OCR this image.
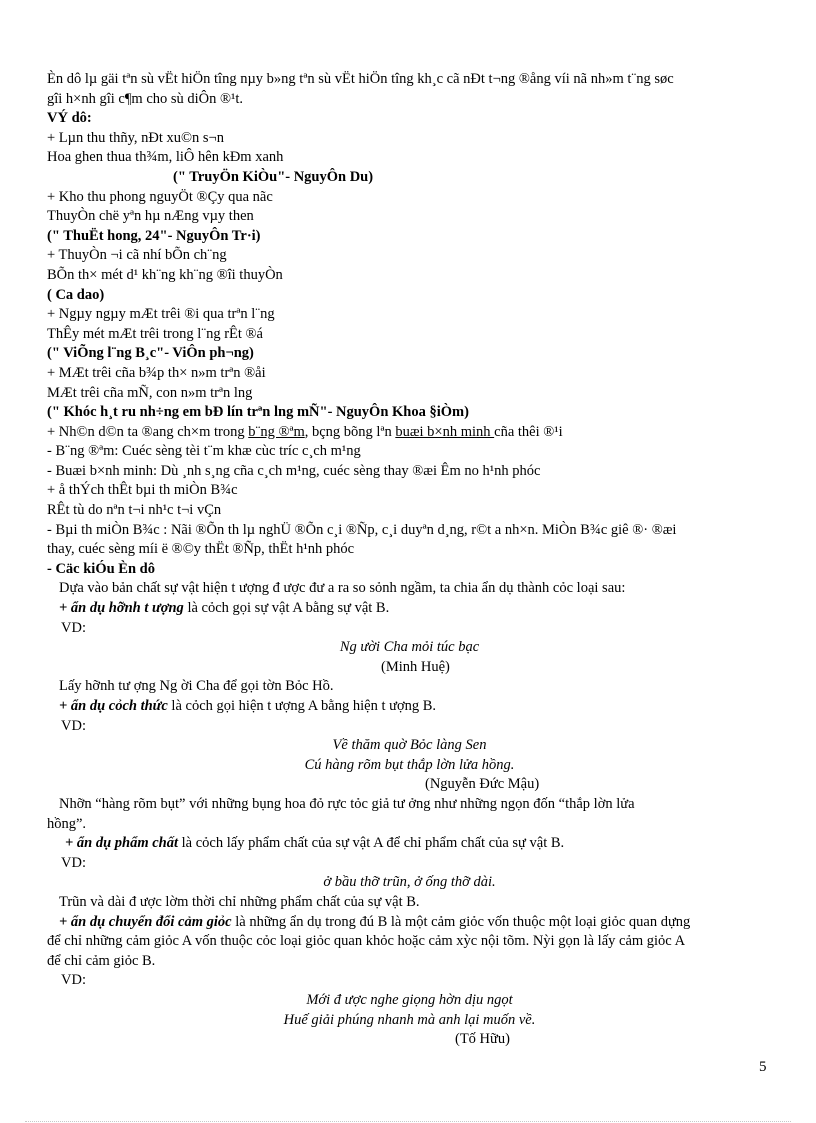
Èn dô lµ gäi tªn sù vËt hiÖn tîng nµy b»ng tªn sù vËt hiÖn tîng kh¸c cã nÐt t¬ng ®ång víi nã nh»m t¨ng søc
gîi h×nh gîi c¶m cho sù diÔn ®¹t.
VÝ dô:
+ Lµn thu thñy, nÐt xu©n s¬n
Hoa ghen thua th¾m, liÔ hên kÐm xanh
(" TruyÖn KiÒu"- NguyÔn Du)
+ Kho thu phong nguyÖt ®Çy qua nãc
ThuyÒn chë yªn hµ nÆng vµy then
(" ThuËt hong, 24"- NguyÔn Tr·i)
+ ThuyÒn ¬i cã nhí bÕn ch¨ng
BÕn th× mét d¹ kh¨ng kh¨ng ®îi thuyÒn
( Ca dao)
+ Ngµy ngµy mÆt trêi ®i qua trªn l¨ng
ThÊy mét mÆt trêi trong l¨ng rÊt ®á
(" ViÕng l¨ng B¸c"- ViÔn ph¬ng)
+ MÆt trêi cña b¾p th× n»m trªn ®åi
MÆt trêi cña mÑ, con n»m trªn lng
(" Khóc h¸t ru nh÷ng em bÐ lín trªn lng mÑ"- NguyÔn Khoa §iÒm)
+ Nh©n d©n ta ®ang ch×m trong b¨ng ®ªm, bçng bõng lªn buæi b×nh minh cña thêi ®¹i
- B¨ng ®ªm: Cuéc sèng tèi t¨m khæ cùc tríc c¸ch m¹ng
- Buæi b×nh minh: Dù ¸nh s¸ng cña c¸ch m¹ng, cuéc sèng thay ®æi Êm no h¹nh phóc
+ å thÝch thÊt bµi th miÒn B¾c
RÊt tù do nªn t¬i nh¹c t¬i vÇn
- Bµi th miÒn B¾c : Nãi ®Õn th lµ nghÜ ®Õn c¸i ®Ñp, c¸i duyªn d¸ng, r©t a nh×n. MiÒn B¾c giê ®· ®æi
thay, cuéc sèng míi ë ®©y thËt ®Ñp, thËt h¹nh phóc
- Cäc kiÓu Èn dô
Dựa vào bản chất sự vật hiện t ượng đ ược đư a ra so sỏnh ngầm, ta chia ẩn dụ thành cỏc loại sau:
+ ẩn dụ hỡnh t ượng là cỏch gọi sự vật A bằng sự vật B.
VD:
Ng ười Cha mỏi túc bạc
(Minh Huệ)
Lấy hỡnh tư ợng Ng ời Cha để gọi tờn Bỏc Hồ.
+ ẩn dụ cỏch thức là cỏch gọi hiện t ượng A bằng hiện t ượng B.
VD:
Về thăm quờ Bỏc làng Sen
Cú hàng rõm bụt thắp lờn lửa hồng.
(Nguyễn Đức Mậu)
Nhỡn “hàng rõm bụt” với những bụng hoa đỏ rực tỏc giả tư ởng như những ngọn đốn “thắp lờn lửa
hồng”.
+ ẩn dụ phẩm chất là cỏch lấy phẩm chất của sự vật A để chỉ phẩm chất của sự vật B.
VD:
ở bầu thỡ trũn, ở ống thỡ dài.
Trũn và dài đ ược lờm thời chỉ những phẩm chất của sự vật B.
+ ẩn dụ chuyển đổi cảm giỏc là những ẩn dụ trong đú B là một cảm giỏc vốn thuộc một loại giỏc quan dựng
để chỉ những cảm giỏc A vốn thuộc cỏc loại giỏc quan khỏc hoặc cảm xỳc nội tõm. Nỳi gọn là lấy cảm giỏc A
để chỉ cảm giỏc B.
VD:
Mới đ ược nghe giọng hờn dịu ngọt
Huế giải phúng nhanh mà anh lại muốn về.
(Tố Hữu)
5
